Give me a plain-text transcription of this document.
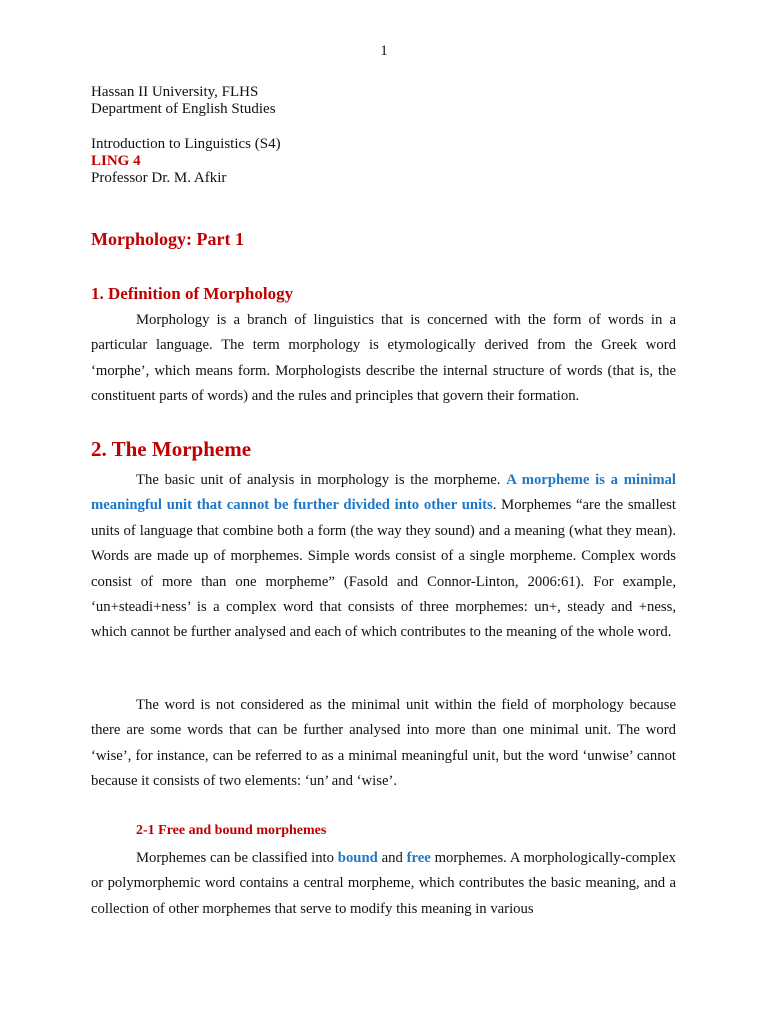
1
Hassan II University, FLHS
Department of English Studies
Introduction to Linguistics (S4)
LING 4
Professor Dr. M. Afkir
Morphology: Part 1
1. Definition of Morphology

Morphology is a branch of linguistics that is concerned with the form of words in a particular language. The term morphology is etymologically derived from the Greek word ‘morphe’, which means form. Morphologists describe the internal structure of words (that is, the constituent parts of words) and the rules and principles that govern their formation.

2. The Morpheme

The basic unit of analysis in morphology is the morpheme. A morpheme is a minimal meaningful unit that cannot be further divided into other units. Morphemes “are the smallest units of language that combine both a form (the way they sound) and a meaning (what they mean). Words are made up of morphemes. Simple words consist of a single morpheme. Complex words consist of more than one morpheme” (Fasold and Connor-Linton, 2006:61). For example, ‘un+steadi+ness’ is a complex word that consists of three morphemes: un+, steady and +ness, which cannot be further analysed and each of which contributes to the meaning of the whole word.

The word is not considered as the minimal unit within the field of morphology because there are some words that can be further analysed into more than one minimal unit. The word ‘wise’, for instance, can be referred to as a minimal meaningful unit, but the word ‘unwise’ cannot because it consists of two elements: ‘un’ and ‘wise’.

2-1 Free and bound morphemes

Morphemes can be classified into bound and free morphemes. A morphologically-complex or polymorphemic word contains a central morpheme, which contributes the basic meaning, and a collection of other morphemes that serve to modify this meaning in various
